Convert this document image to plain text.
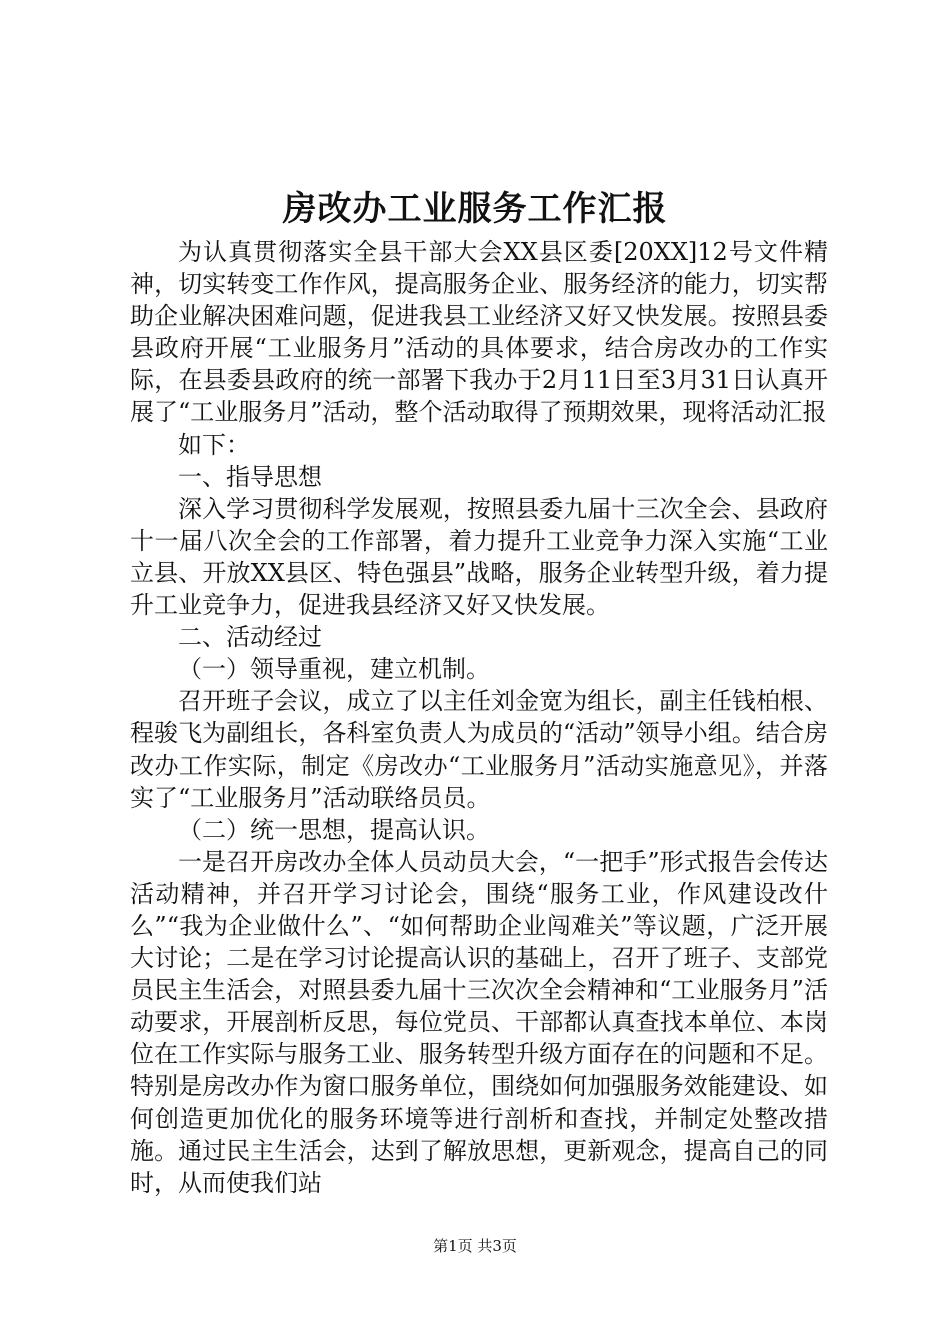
房改办工业服务工作汇报

为认真贯彻落实全县干部大会XX县区委[20XX]12号文件精神，切实转变工作作风，提高服务企业、服务经济的能力，切实帮助企业解决困难问题，促进我县工业经济又好又快发展。按照县委县政府开展“工业服务月”活动的具体要求，结合房改办的工作实际，在县委县政府的统一部署下我办于2月11日至3月31日认真开展了“工业服务月”活动，整个活动取得了预期效果，现将活动汇报

如下：

一、指导思想

深入学习贯彻科学发展观，按照县委九届十三次全会、县政府十一届八次全会的工作部署，着力提升工业竞争力深入实施“工业立县、开放XX县区、特色强县”战略，服务企业转型升级，着力提升工业竞争力，促进我县经济又好又快发展。

二、活动经过

（一）领导重视，建立机制。

召开班子会议，成立了以主任刘金宽为组长，副主任钱柏根、程骏飞为副组长，各科室负责人为成员的“活动”领导小组。结合房改办工作实际，制定《房改办“工业服务月”活动实施意见》，并落实了“工业服务月”活动联络员员。

（二）统一思想，提高认识。

一是召开房改办全体人员动员大会，“一把手”形式报告会传达活动精神，并召开学习讨论会，围绕“服务工业，作风建设改什么”“我为企业做什么”、“如何帮助企业闯难关”等议题，广泛开展大讨论；二是在学习讨论提高认识的基础上，召开了班子、支部党员民主生活会，对照县委九届十三次次全会精神和“工业服务月”活动要求，开展剖析反思，每位党员、干部都认真查找本单位、本岗位在工作实际与服务工业、服务转型升级方面存在的问题和不足。特别是房改办作为窗口服务单位，围绕如何加强服务效能建设、如何创造更加优化的服务环境等进行剖析和查找，并制定处整改措施。通过民主生活会，达到了解放思想，更新观念，提高自己的同时，从而使我们站

第1页 共3页
